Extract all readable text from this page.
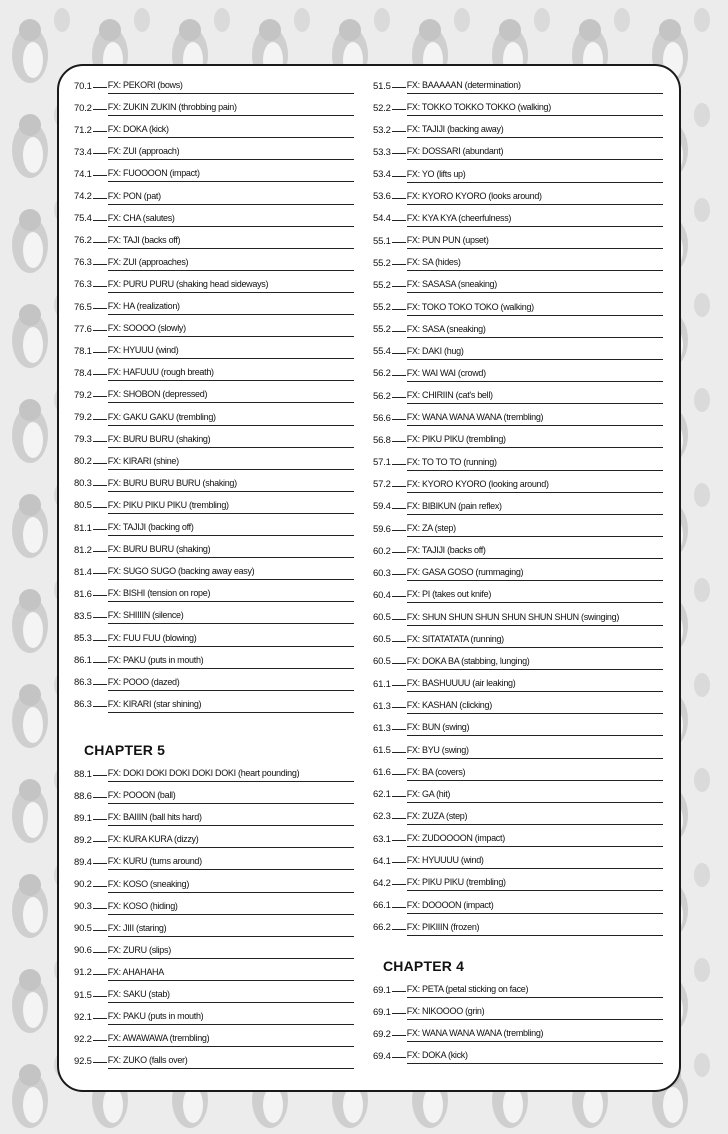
70.1 FX: PEKORI (bows)
70.2 FX: ZUKIN ZUKIN (throbbing pain)
71.2 FX: DOKA (kick)
73.4 FX: ZUI (approach)
74.1 FX: FUOOOON (impact)
74.2 FX: PON (pat)
75.4 FX: CHA (salutes)
76.2 FX: TAJI (backs off)
76.3 FX: ZUI (approaches)
76.3 FX: PURU PURU (shaking head sideways)
76.5 FX: HA (realization)
77.6 FX: SOOOO (slowly)
78.1 FX: HYUUU (wind)
78.4 FX: HAFUUU (rough breath)
79.2 FX: SHOBON (depressed)
79.2 FX: GAKU GAKU (trembling)
79.3 FX: BURU BURU (shaking)
80.2 FX: KIRARI (shine)
80.3 FX: BURU BURU BURU (shaking)
80.5 FX: PIKU PIKU PIKU (trembling)
81.1 FX: TAJIJI (backing off)
81.2 FX: BURU BURU (shaking)
81.4 FX: SUGO SUGO (backing away easy)
81.6 FX: BISHI (tension on rope)
83.5 FX: SHIIIIN (silence)
85.3 FX: FUU FUU (blowing)
86.1 FX: PAKU (puts in mouth)
86.3 FX: POOO (dazed)
86.3 FX: KIRARI (star shining)
CHAPTER 5
88.1 FX: DOKI DOKI DOKI DOKI DOKI (heart pounding)
88.6 FX: POOON (ball)
89.1 FX: BAIIIN (ball hits hard)
89.2 FX: KURA KURA (dizzy)
89.4 FX: KURU (turns around)
90.2 FX: KOSO (sneaking)
90.3 FX: KOSO (hiding)
90.5 FX: JIII (staring)
90.6 FX: ZURU (slips)
91.2 FX: AHAHAHA
91.5 FX: SAKU (stab)
92.1 FX: PAKU (puts in mouth)
92.2 FX: AWAWAWA (trembling)
92.5 FX: ZUKO (falls over)
51.5 FX: BAAAAAN (determination)
52.2 FX: TOKKO TOKKO TOKKO (walking)
53.2 FX: TAJIJI (backing away)
53.3 FX: DOSSARI (abundant)
53.4 FX: YO (lifts up)
53.6 FX: KYORO KYORO (looks around)
54.4 FX: KYA KYA (cheerfulness)
55.1 FX: PUN PUN (upset)
55.2 FX: SA (hides)
55.2 FX: SASASA (sneaking)
55.2 FX: TOKO TOKO TOKO (walking)
55.2 FX: SASA (sneaking)
55.4 FX: DAKI (hug)
56.2 FX: WAI WAI (crowd)
56.2 FX: CHIRIIN (cat's bell)
56.6 FX: WANA WANA WANA (trembling)
56.8 FX: PIKU PIKU (trembling)
57.1 FX: TO TO TO (running)
57.2 FX: KYORO KYORO (looking around)
59.4 FX: BIBIKUN (pain reflex)
59.6 FX: ZA (step)
60.2 FX: TAJIJI (backs off)
60.3 FX: GASA GOSO (rummaging)
60.4 FX: PI (takes out knife)
60.5 FX: SHUN SHUN SHUN SHUN SHUN SHUN (swinging)
60.5 FX: SITATATATA (running)
60.5 FX: DOKA BA (stabbing, lunging)
61.1 FX: BASHUUUU (air leaking)
61.3 FX: KASHAN (clicking)
61.3 FX: BUN (swing)
61.5 FX: BYU (swing)
61.6 FX: BA (covers)
62.1 FX: GA (hit)
62.3 FX: ZUZA (step)
63.1 FX: ZUDOOOON (impact)
64.1 FX: HYUUUU (wind)
64.2 FX: PIKU PIKU (trembling)
66.1 FX: DOOOON (impact)
66.2 FX: PIKIIIN (frozen)
CHAPTER 4
69.1 FX: PETA (petal sticking on face)
69.1 FX: NIKOOOO (grin)
69.2 FX: WANA WANA WANA (trembling)
69.4 FX: DOKA (kick)
